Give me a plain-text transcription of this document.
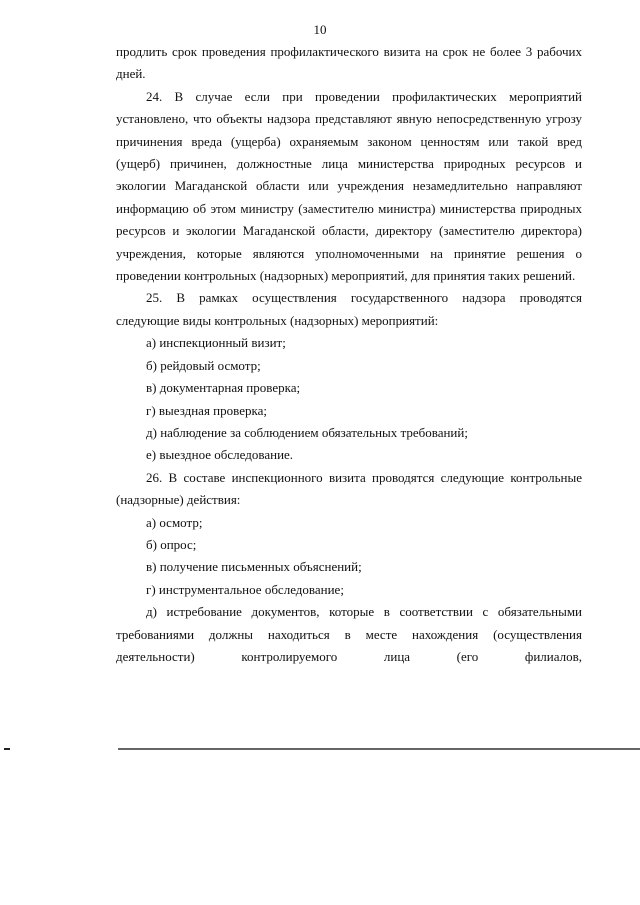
10

продлить срок проведения профилактического визита на срок не более 3 рабочих дней.

24. В случае если при проведении профилактических мероприятий установлено, что объекты надзора представляют явную непосредственную угрозу причинения вреда (ущерба) охраняемым законом ценностям или такой вред (ущерб) причинен, должностные лица министерства природных ресурсов и экологии Магаданской области или учреждения незамедлительно направляют информацию об этом министру (заместителю министра) министерства природных ресурсов и экологии Магаданской области, директору (заместителю директора) учреждения, которые являются уполномоченными на принятие решения о проведении контрольных (надзорных) мероприятий, для принятия таких решений.

25. В рамках осуществления государственного надзора проводятся следующие виды контрольных (надзорных) мероприятий:

а) инспекционный визит;

б) рейдовый осмотр;

в) документарная проверка;

г) выездная проверка;

д) наблюдение за соблюдением обязательных требований;

е) выездное обследование.

26. В составе инспекционного визита проводятся следующие контрольные (надзорные) действия:

а) осмотр;

б) опрос;

в) получение письменных объяснений;

г) инструментальное обследование;

д) истребование документов, которые в соответствии с обязательными требованиями должны находиться в месте нахождения (осуществления деятельности) контролируемого лица (его филиалов,
